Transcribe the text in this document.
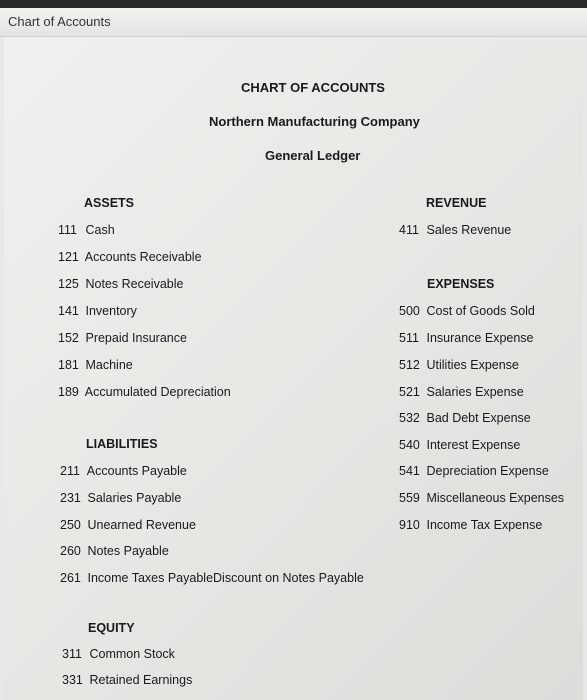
Chart of Accounts
CHART OF ACCOUNTS
Northern Manufacturing Company
General Ledger
ASSETS
111 Cash
121 Accounts Receivable
125 Notes Receivable
141 Inventory
152 Prepaid Insurance
181 Machine
189 Accumulated Depreciation
LIABILITIES
211 Accounts Payable
231 Salaries Payable
250 Unearned Revenue
260 Notes Payable
261 Income Taxes PayableDiscount on Notes Payable
EQUITY
311 Common Stock
331 Retained Earnings
REVENUE
411 Sales Revenue
EXPENSES
500 Cost of Goods Sold
511 Insurance Expense
512 Utilities Expense
521 Salaries Expense
532 Bad Debt Expense
540 Interest Expense
541 Depreciation Expense
559 Miscellaneous Expenses
910 Income Tax Expense
